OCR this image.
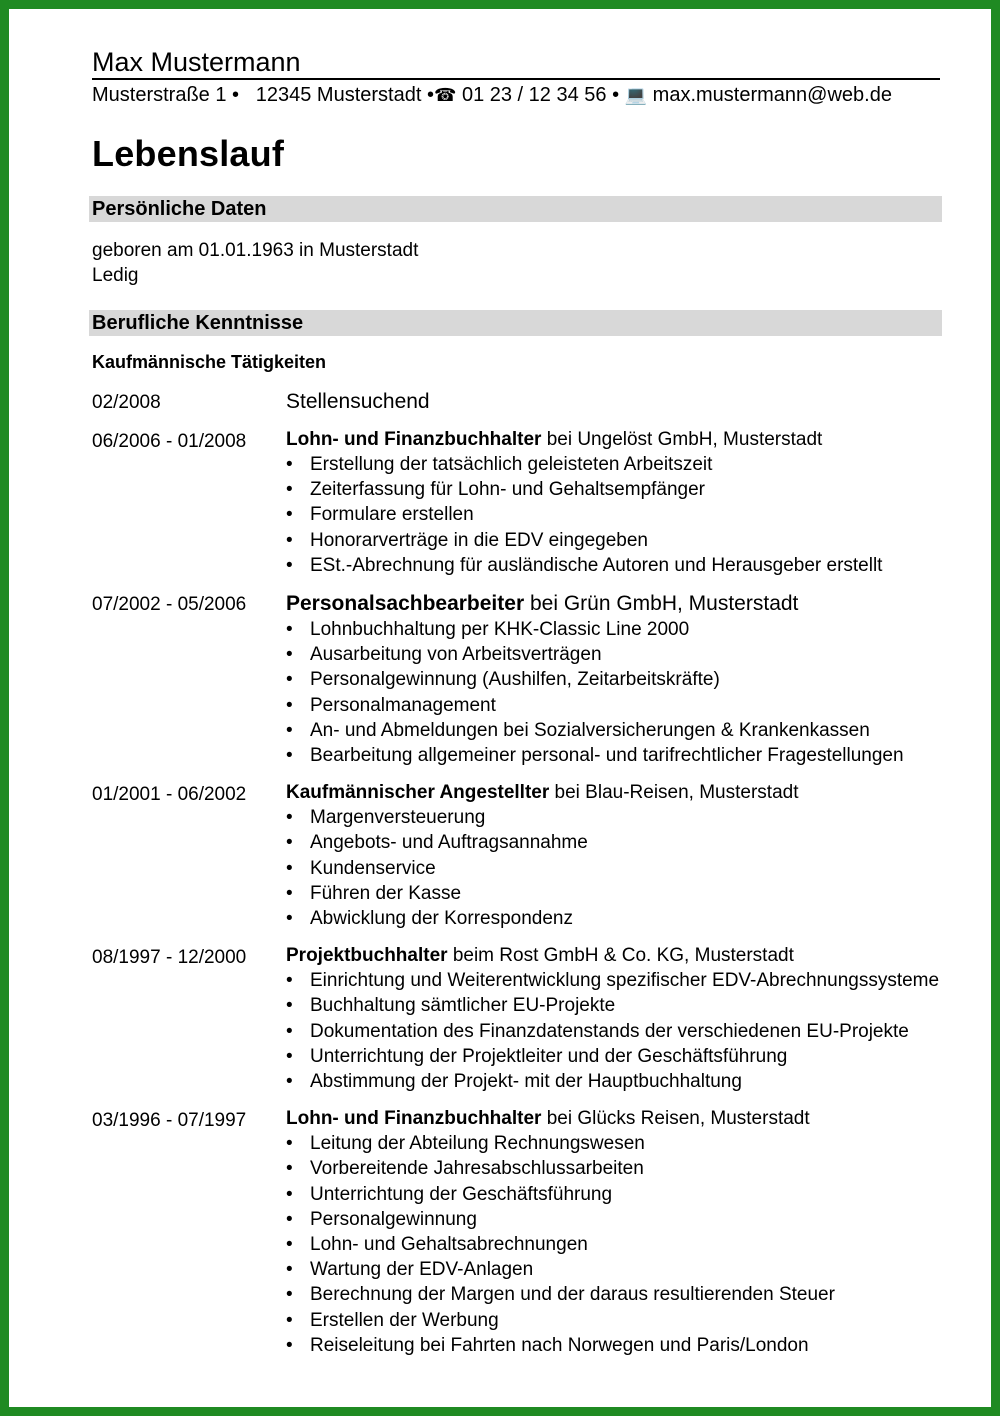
Max Mustermann
Musterstraße 1 • 12345 Musterstadt •☎ 01 23 / 12 34 56 • 💻 max.mustermann@web.de
Lebenslauf
Persönliche Daten
geboren am 01.01.1963 in Musterstadt
Ledig
Berufliche Kenntnisse
Kaufmännische Tätigkeiten
02/2008	Stellensuchend
06/2006 - 01/2008	Lohn- und Finanzbuchhalter bei Ungelöst GmbH, Musterstadt
• Erstellung der tatsächlich geleisteten Arbeitszeit
• Zeiterfassung für Lohn- und Gehaltsempfänger
• Formulare erstellen
• Honorarverträge in die EDV eingegeben
• ESt.-Abrechnung für ausländische Autoren und Herausgeber erstellt
07/2002 - 05/2006	Personalsachbearbeiter bei Grün GmbH, Musterstadt
• Lohnbuchhaltung per KHK-Classic Line 2000
• Ausarbeitung von Arbeitsverträgen
• Personalgewinnung (Aushilfen, Zeitarbeitskräfte)
• Personalmanagement
• An- und Abmeldungen bei Sozialversicherungen & Krankenkassen
• Bearbeitung allgemeiner personal- und tarifrechtlicher Fragestellungen
01/2001 - 06/2002	Kaufmännischer Angestellter bei Blau-Reisen, Musterstadt
• Margenversteuerung
• Angebots- und Auftragsannahme
• Kundenservice
• Führen der Kasse
• Abwicklung der Korrespondenz
08/1997 - 12/2000	Projektbuchhalter beim Rost GmbH & Co. KG, Musterstadt
• Einrichtung und Weiterentwicklung spezifischer EDV-Abrechnungssysteme
• Buchhaltung sämtlicher EU-Projekte
• Dokumentation des Finanzdatenstands der verschiedenen EU-Projekte
• Unterrichtung der Projektleiter und der Geschäftsführung
• Abstimmung der Projekt- mit der Hauptbuchhaltung
03/1996 - 07/1997	Lohn- und Finanzbuchhalter bei Glücks Reisen, Musterstadt
• Leitung der Abteilung Rechnungswesen
• Vorbereitende Jahresabschlussarbeiten
• Unterrichtung der Geschäftsführung
• Personalgewinnung
• Lohn- und Gehaltsabrechnungen
• Wartung der EDV-Anlagen
• Berechnung der Margen und der daraus resultierenden Steuer
• Erstellen der Werbung
• Reiseleitung bei Fahrten nach Norwegen und Paris/London
